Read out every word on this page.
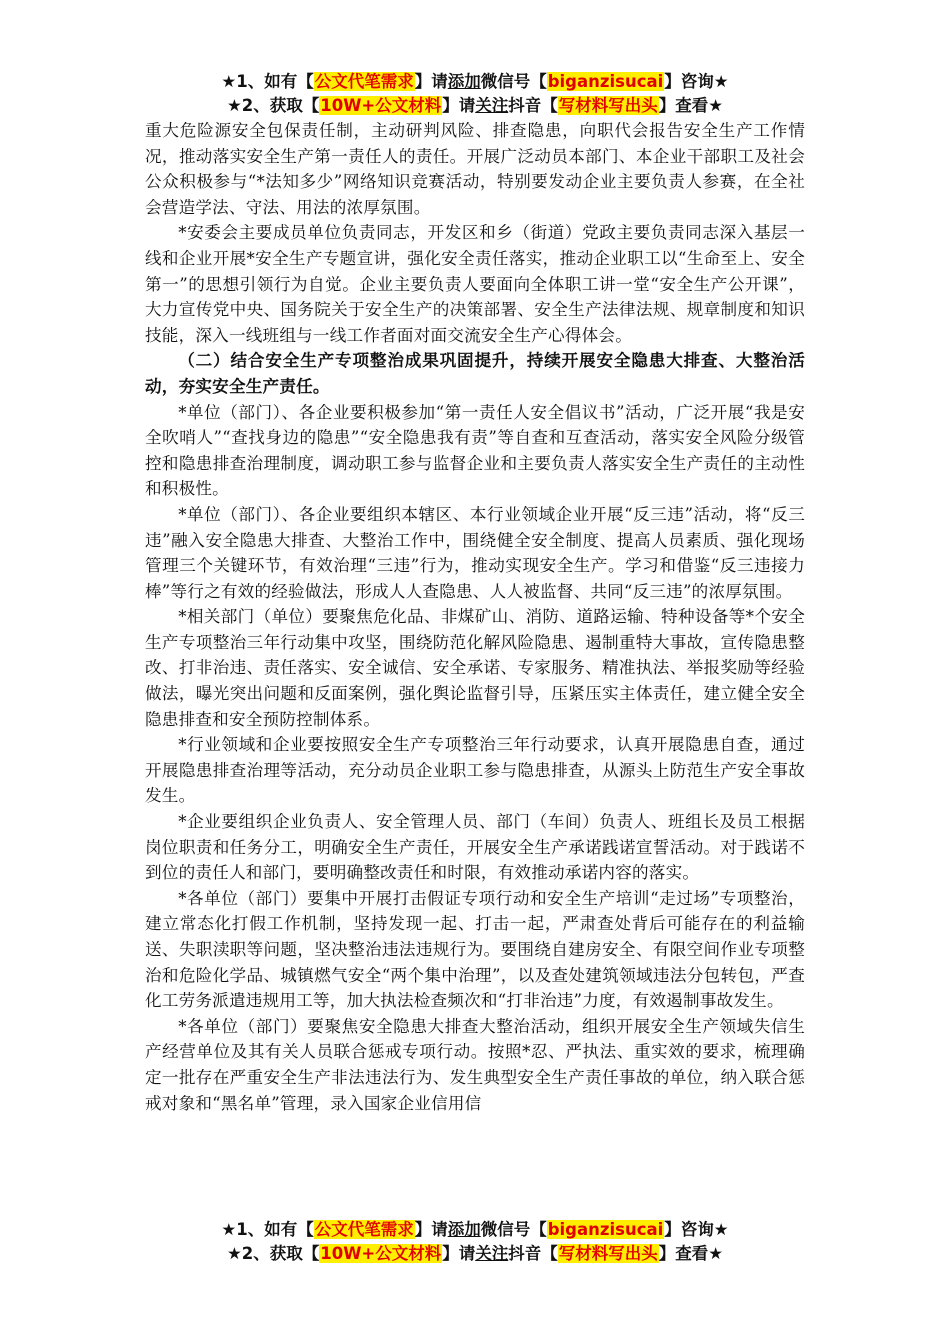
★1、如有【公文代笔需求】请添加微信号【biganzisucai】咨询★
★2、获取【10W+公文材料】请关注抖音【写材料写出头】查看★

重大危险源安全包保责任制，主动研判风险、排查隐患，向职代会报告安全生产工作情况，推动落实安全生产第一责任人的责任。开展广泛动员本部门、本企业干部职工及社会公众积极参与“*法知多少”网络知识竞赛活动，特别要发动企业主要负责人参赛，在全社会营造学法、守法、用法的浓厚氛围。

*安委会主要成员单位负责同志，开发区和乡（街道）党政主要负责同志深入基层一线和企业开展*安全生产专题宣讲，强化安全责任落实，推动企业职工以“生命至上、安全第一”的思想引领行为自觉。企业主要负责人要面向全体职工讲一堂“安全生产公开课”，大力宣传党中央、国务院关于安全生产的决策部署、安全生产法律法规、规章制度和知识技能，深入一线班组与一线工作者面对面交流安全生产心得体会。

（二）结合安全生产专项整治成果巩固提升，持续开展安全隐患大排查、大整治活动，夯实安全生产责任。

*单位（部门）、各企业要积极参加“第一责任人安全倡议书”活动，广泛开展“我是安全吹哨人”“查找身边的隐患”“安全隐患我有责”等自查和互查活动，落实安全风险分级管控和隐患排查治理制度，调动职工参与监督企业和主要负责人落实安全生产责任的主动性和积极性。

*单位（部门）、各企业要组织本辖区、本行业领域企业开展“反三违”活动，将“反三违”融入安全隐患大排查、大整治工作中，围绕健全安全制度、提高人员素质、强化现场管理三个关键环节，有效治理“三违”行为，推动实现安全生产。学习和借鉴“反三违接力棒”等行之有效的经验做法，形成人人查隐患、人人被监督、共同“反三违”的浓厚氛围。

*相关部门（单位）要聚焦危化品、非煤矿山、消防、道路运输、特种设备等*个安全生产专项整治三年行动集中攻坚，围绕防范化解风险隐患、遏制重特大事故，宣传隐患整改、打非治违、责任落实、安全诚信、安全承诺、专家服务、精准执法、举报奖励等经验做法，曝光突出问题和反面案例，强化舆论监督引导，压紧压实主体责任，建立健全安全隐患排查和安全预防控制体系。

*行业领域和企业要按照安全生产专项整治三年行动要求，认真开展隐患自查，通过开展隐患排查治理等活动，充分动员企业职工参与隐患排查，从源头上防范生产安全事故发生。

*企业要组织企业负责人、安全管理人员、部门（车间）负责人、班组长及员工根据岗位职责和任务分工，明确安全生产责任，开展安全生产承诺践诺宣誓活动。对于践诺不到位的责任人和部门，要明确整改责任和时限，有效推动承诺内容的落实。

*各单位（部门）要集中开展打击假证专项行动和安全生产培训“走过场”专项整治，建立常态化打假工作机制，坚持发现一起、打击一起，严肃查处背后可能存在的利益输送、失职渎职等问题，坚决整治违法违规行为。要围绕自建房安全、有限空间作业专项整治和危险化学品、城镇燃气安全“两个集中治理”，以及查处建筑领域违法分包转包，严查化工劳务派遣违规用工等，加大执法检查频次和“打非治违”力度，有效遏制事故发生。

*各单位（部门）要聚焦安全隐患大排查大整治活动，组织开展安全生产领域失信生产经营单位及其有关人员联合惩戒专项行动。按照*忍、严执法、重实效的要求，梳理确定一批存在严重安全生产非法违法行为、发生典型安全生产责任事故的单位，纳入联合惩戒对象和“黑名单”管理，录入国家企业信用信

★1、如有【公文代笔需求】请添加微信号【biganzisucai】咨询★
★2、获取【10W+公文材料】请关注抖音【写材料写出头】查看★
